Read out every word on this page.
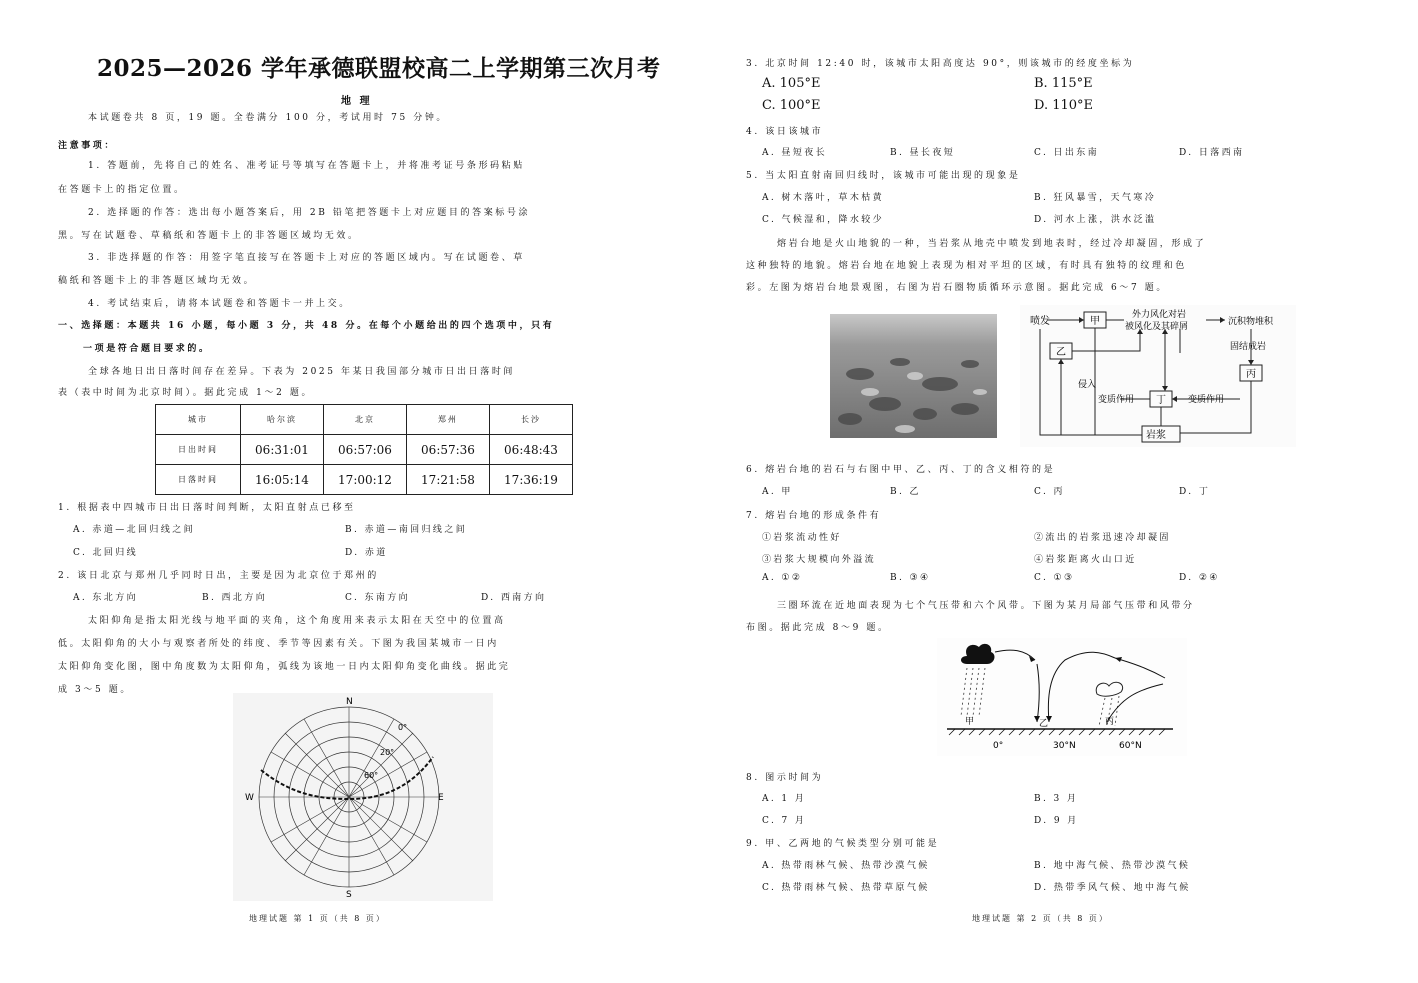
2025—2026 学年承德联盟校高二上学期第三次月考
地 理
本试题卷共 8 页，19 题。全卷满分 100 分，考试用时 75 分钟。
注意事项：
1. 答题前，先将自己的姓名、准考证号等填写在答题卡上，并将准考证号条形码粘贴
在答题卡上的指定位置。
2. 选择题的作答：选出每小题答案后，用 2B 铅笔把答题卡上对应题目的答案标号涂
黑。写在试题卷、草稿纸和答题卡上的非答题区域均无效。
3. 非选择题的作答：用签字笔直接写在答题卡上对应的答题区域内。写在试题卷、草
稿纸和答题卡上的非答题区域均无效。
4. 考试结束后，请将本试题卷和答题卡一并上交。
一、选择题：本题共 16 小题，每小题 3 分，共 48 分。在每个小题给出的四个选项中，只有
一项是符合题目要求的。
全球各地日出日落时间存在差异。下表为 2025 年某日我国部分城市日出日落时间
表（表中时间为北京时间）。据此完成 1～2 题。
城市	哈尔滨	北京	郑州	长沙
日出时间	06:31:01	06:57:06	06:57:36	06:48:43
日落时间	16:05:14	17:00:12	17:21:58	17:36:19
1. 根据表中四城市日出日落时间判断，太阳直射点已移至
A. 赤道—北回归线之间	B. 赤道—南回归线之间
C. 北回归线	D. 赤道
2. 该日北京与郑州几乎同时日出，主要是因为北京位于郑州的
A. 东北方向	B. 西北方向	C. 东南方向	D. 西南方向
太阳仰角是指太阳光线与地平面的夹角，这个角度用来表示太阳在天空中的位置高
低。太阳仰角的大小与观察者所处的纬度、季节等因素有关。下图为我国某城市一日内
太阳仰角变化图，图中角度数为太阳仰角，弧线为该地一日内太阳仰角变化曲线。据此完
成 3～5 题。
N
S
W	E
0°
20°
60°
地理试题 第 1 页（共 8 页）
3. 北京时间 12:40 时，该城市太阳高度达 90°，则该城市的经度坐标为
A. 105°E	B. 115°E
C. 100°E	D. 110°E
4. 该日该城市
A. 昼短夜长	B. 昼长夜短	C. 日出东南	D. 日落西南
5. 当太阳直射南回归线时，该城市可能出现的现象是
A. 树木落叶，草木枯黄	B. 狂风暴雪，天气寒冷
C. 气候湿和，降水较少	D. 河水上涨，洪水泛滥
熔岩台地是火山地貌的一种，当岩浆从地壳中喷发到地表时，经过冷却凝固，形成了
这种独特的地貌。熔岩台地在地貌上表现为相对平坦的区域，有时具有独特的纹理和色
彩。左图为熔岩台地景观图，右图为岩石圈物质循环示意图。据此完成 6～7 题。
喷发	甲
乙
丙
丁
岩浆
外力风化对岩
被风化及其碎屑	沉积物堆积
固结成岩
侵入
变质作用	变质作用
6. 熔岩台地的岩石与右图中甲、乙、丙、丁的含义相符的是
A. 甲	B. 乙	C. 丙	D. 丁
7. 熔岩台地的形成条件有
①岩浆流动性好	②流出的岩浆迅速冷却凝固
③岩浆大规模向外溢流	④岩浆距离火山口近
A. ①②	B. ③④	C. ①③	D. ②④
三圈环流在近地面表现为七个气压带和六个风带。下图为某月局部气压带和风带分
布图。据此完成 8～9 题。
甲	乙	丙
0°	30°N	60°N
8. 图示时间为
A. 1 月	B. 3 月
C. 7 月	D. 9 月
9. 甲、乙两地的气候类型分别可能是
A. 热带雨林气候、热带沙漠气候	B. 地中海气候、热带沙漠气候
C. 热带雨林气候、热带草原气候	D. 热带季风气候、地中海气候
地理试题 第 2 页（共 8 页）
